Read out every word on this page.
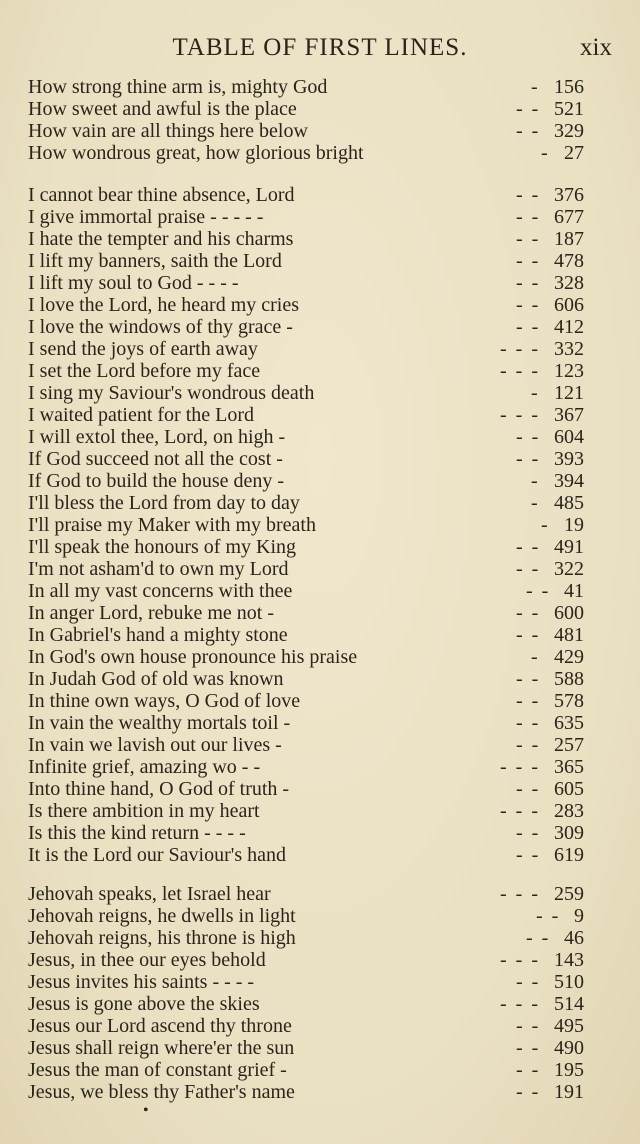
TABLE OF FIRST LINES.	xix
How strong thine arm is, mighty God	- 156
How sweet and awful is the place	- - 521
How vain are all things here below	- - 329
How wondrous great, how glorious bright	- 27
I cannot bear thine absence, Lord	- - 376
I give immortal praise - - - - -	- - 677
I hate the tempter and his charms	- - 187
I lift my banners, saith the Lord	- - 478
I lift my soul to God - - - -	- - 328
I love the Lord, he heard my cries	- - 606
I love the windows of thy grace -	- - 412
I send the joys of earth away	- - - 332
I set the Lord before my face	- - - 123
I sing my Saviour's wondrous death	- 121
I waited patient for the Lord	- - - 367
I will extol thee, Lord, on high -	- - 604
If God succeed not all the cost -	- - 393
If God to build the house deny -	- 394
I'll bless the Lord from day to day	- 485
I'll praise my Maker with my breath	- 19
I'll speak the honours of my King	- - 491
I'm not asham'd to own my Lord	- - 322
In all my vast concerns with thee	- - 41
In anger Lord, rebuke me not -	- - 600
In Gabriel's hand a mighty stone	- - 481
In God's own house pronounce his praise	- 429
In Judah God of old was known	- - 588
In thine own ways, O God of love	- - 578
In vain the wealthy mortals toil -	- - 635
In vain we lavish out our lives -	- - 257
Infinite grief, amazing wo - -	- - - 365
Into thine hand, O God of truth -	- - 605
Is there ambition in my heart	- - - 283
Is this the kind return - - - -	- - 309
It is the Lord our Saviour's hand	- - 619
Jehovah speaks, let Israel hear	- - - 259
Jehovah reigns, he dwells in light	- - 9
Jehovah reigns, his throne is high	- - 46
Jesus, in thee our eyes behold	- - - 143
Jesus invites his saints - - - -	- - 510
Jesus is gone above the skies	- - - 514
Jesus our Lord ascend thy throne	- - 495
Jesus shall reign where'er the sun	- - 490
Jesus the man of constant grief -	- - 195
Jesus, we bless thy Father's name	- - 191
•
